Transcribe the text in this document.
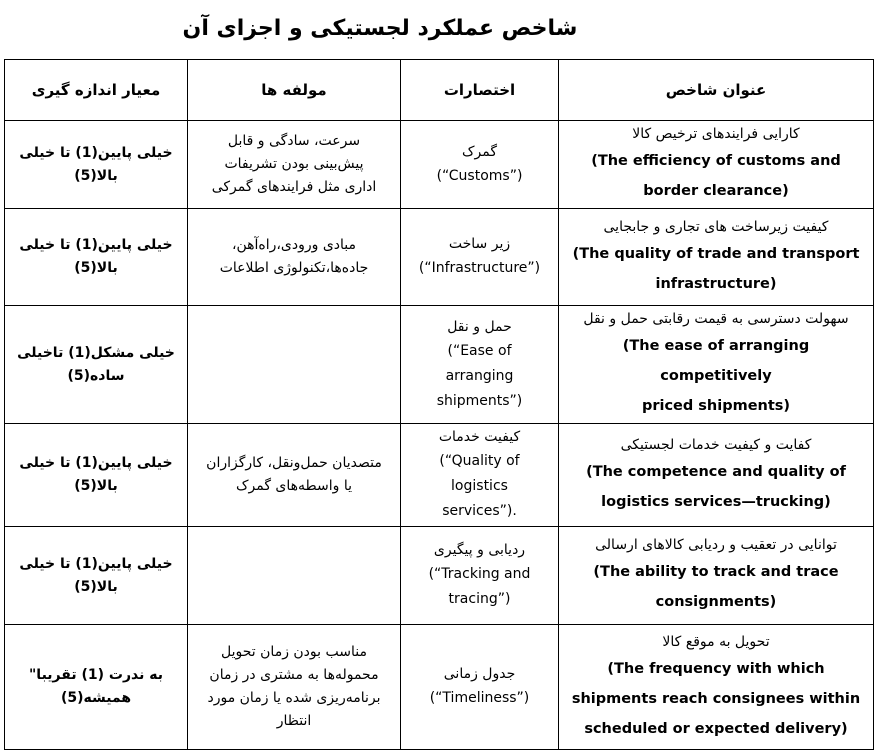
شاخص عملکرد لجستیکی و اجزای آن
معیار اندازه گیری	مولفه ها	اختصارات	عنوان شاخص

خیلی پایین(1) تا خیلی
بالا(5)	سرعت، سادگی و قابل
پیش‌بینی بودن تشریفات
اداری مثل فرایندهای گمرکی	گمرک
(“Customs”)	کارایی فرایندهای ترخیص کالا
(The efficiency of customs and
border clearance)

خیلی پایین(1) تا خیلی
بالا(5)	مبادی ورودی،راه‌آهن،
جاده‌ها،تکنولوژی اطلاعات	زیر ساخت
(“Infrastructure”)	کیفیت زیرساخت های تجاری و جابجایی
(The quality of trade and transport
infrastructure)

خیلی مشکل(1) تاخیلی
ساده(5)		حمل و نقل
(“Ease of
arranging
shipments”)	سهولت دسترسی به قیمت رقابتی حمل و نقل
(The ease of arranging competitively
priced shipments)

خیلی پایین(1) تا خیلی
بالا(5)	متصدیان حمل‌ونقل، کارگزاران
یا واسطه‌های گمرک	کیفیت خدمات
(“Quality of
logistics
services”).	کفایت و کیفیت خدمات لجستیکی
(The competence and quality of
logistics services—trucking)

خیلی پایین(1) تا خیلی
بالا(5)		ردیابی و پیگیری
(“Tracking and
tracing”)	توانایی در تعقیب و ردیابی کالاهای ارسالی
(The ability to track and trace
consignments)

به ندرت (1) تقریبا"
همیشه(5)	مناسب بودن زمان تحویل
محموله‌ها به مشتری در زمان
برنامه‌ریزی شده یا زمان مورد
انتظار	جدول زمانی
(“Timeliness”)	تحویل به موقع کالا
(The frequency with which
shipments reach consignees within
scheduled or expected delivery)
